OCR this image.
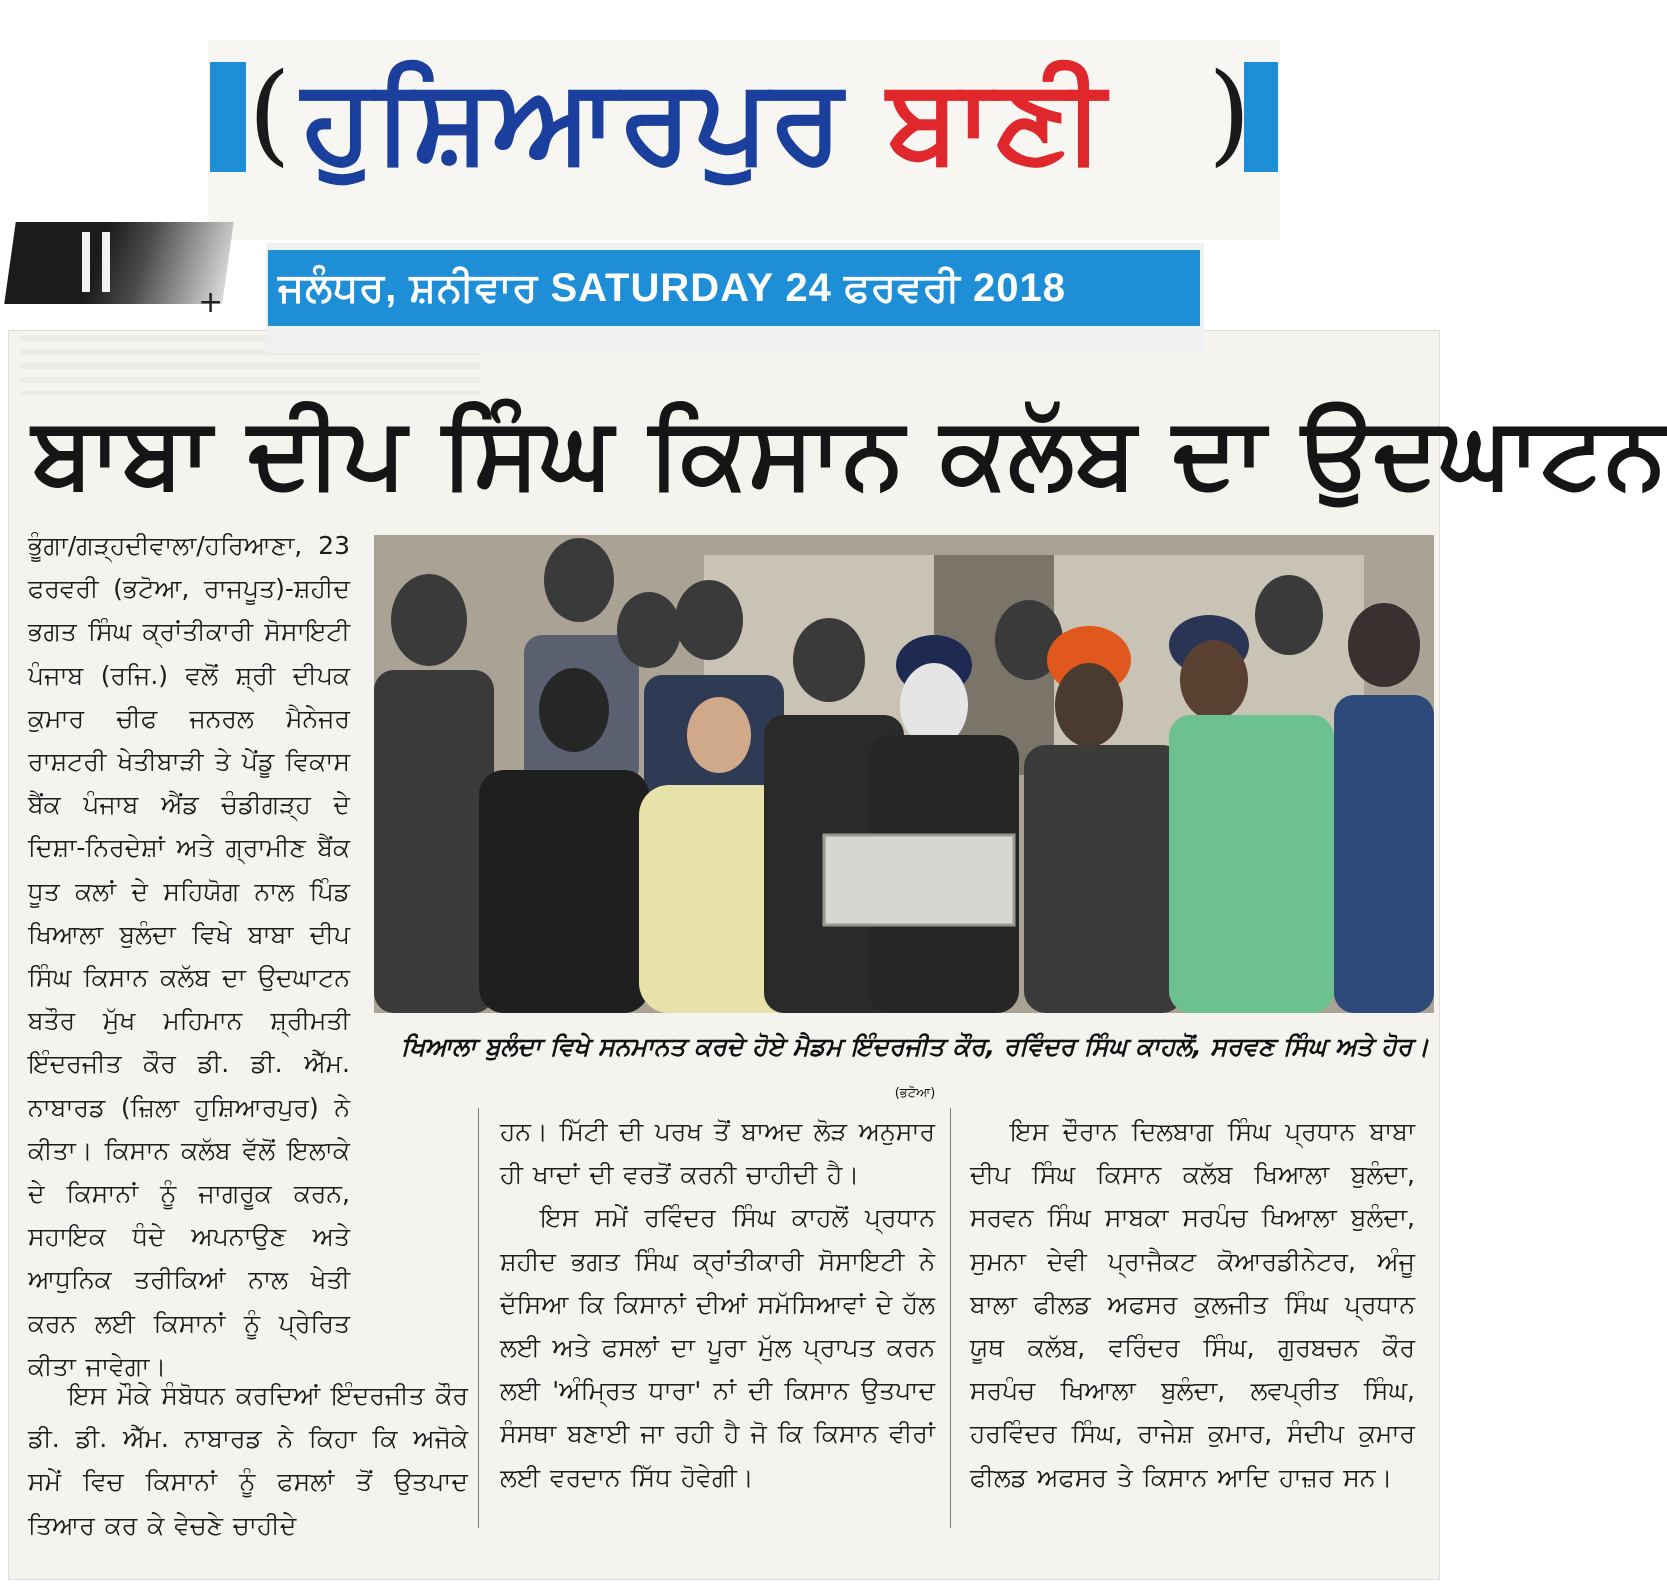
(	)
ਹੁਸ਼ਿਆਰਪੁਰ ਬਾਣੀ
+ ਜਲੰਧਰ, ਸ਼ਨੀਵਾਰ SATURDAY 24 ਫਰਵਰੀ 2018
ਬਾਬਾ ਦੀਪ ਸਿੰਘ ਕਿਸਾਨ ਕਲੱਬ ਦਾ ਉਦਘਾਟਨ
ਖਿਆਲਾ ਬੁਲੰਦਾ ਵਿਖੇ ਸਨਮਾਨਤ ਕਰਦੇ ਹੋਏ ਮੈਡਮ ਇੰਦਰਜੀਤ ਕੌਰ, ਰਵਿੰਦਰ ਸਿੰਘ ਕਾਹਲੋਂ, ਸਰਵਣ ਸਿੰਘ ਅਤੇ ਹੋਰ। (ਭਟੋਆ)
ਭੂੰਗਾ/ਗੜ੍ਹਦੀਵਾਲਾ/ਹਰਿਆਣਾ, 23 ਫਰਵਰੀ (ਭਟੋਆ, ਰਾਜਪੂਤ)-ਸ਼ਹੀਦ ਭਗਤ ਸਿੰਘ ਕ੍ਰਾਂਤੀਕਾਰੀ ਸੋਸਾਇਟੀ ਪੰਜਾਬ (ਰਜਿ.) ਵਲੋਂ ਸ਼੍ਰੀ ਦੀਪਕ ਕੁਮਾਰ ਚੀਫ ਜਨਰਲ ਮੈਨੇਜਰ ਰਾਸ਼ਟਰੀ ਖੇਤੀਬਾੜੀ ਤੇ ਪੇਂਡੂ ਵਿਕਾਸ ਬੈਂਕ ਪੰਜਾਬ ਐਂਡ ਚੰਡੀਗੜ੍ਹ ਦੇ ਦਿਸ਼ਾ-ਨਿਰਦੇਸ਼ਾਂ ਅਤੇ ਗ੍ਰਾਮੀਣ ਬੈਂਕ ਧੂਤ ਕਲਾਂ ਦੇ ਸਹਿਯੋਗ ਨਾਲ ਪਿੰਡ ਖਿਆਲਾ ਬੁਲੰਦਾ ਵਿਖੇ ਬਾਬਾ ਦੀਪ ਸਿੰਘ ਕਿਸਾਨ ਕਲੱਬ ਦਾ ਉਦਘਾਟਨ ਬਤੌਰ ਮੁੱਖ ਮਹਿਮਾਨ ਸ਼੍ਰੀਮਤੀ ਇੰਦਰਜੀਤ ਕੌਰ ਡੀ. ਡੀ. ਐੱਮ. ਨਾਬਾਰਡ (ਜ਼ਿਲਾ ਹੁਸ਼ਿਆਰਪੁਰ) ਨੇ ਕੀਤਾ। ਕਿਸਾਨ ਕਲੱਬ ਵੱਲੋਂ ਇਲਾਕੇ ਦੇ ਕਿਸਾਨਾਂ ਨੂੰ ਜਾਗਰੂਕ ਕਰਨ, ਸਹਾਇਕ ਧੰਦੇ ਅਪਨਾਉਣ ਅਤੇ ਆਧੁਨਿਕ ਤਰੀਕਿਆਂ ਨਾਲ ਖੇਤੀ ਕਰਨ ਲਈ ਕਿਸਾਨਾਂ ਨੂੰ ਪ੍ਰੇਰਿਤ ਕੀਤਾ ਜਾਵੇਗਾ।
ਇਸ ਮੌਕੇ ਸੰਬੋਧਨ ਕਰਦਿਆਂ ਇੰਦਰਜੀਤ ਕੌਰ ਡੀ. ਡੀ. ਐੱਮ. ਨਾਬਾਰਡ ਨੇ ਕਿਹਾ ਕਿ ਅਜੋਕੇ ਸਮੇਂ ਵਿਚ ਕਿਸਾਨਾਂ ਨੂੰ ਫਸਲਾਂ ਤੋਂ ਉਤਪਾਦ ਤਿਆਰ ਕਰ ਕੇ ਵੇਚਣੇ ਚਾਹੀਦੇ
ਹਨ। ਮਿੱਟੀ ਦੀ ਪਰਖ ਤੋਂ ਬਾਅਦ ਲੋੜ ਅਨੁਸਾਰ ਹੀ ਖਾਦਾਂ ਦੀ ਵਰਤੋਂ ਕਰਨੀ ਚਾਹੀਦੀ ਹੈ।
ਇਸ ਸਮੇਂ ਰਵਿੰਦਰ ਸਿੰਘ ਕਾਹਲੋਂ ਪ੍ਰਧਾਨ ਸ਼ਹੀਦ ਭਗਤ ਸਿੰਘ ਕ੍ਰਾਂਤੀਕਾਰੀ ਸੋਸਾਇਟੀ ਨੇ ਦੱਸਿਆ ਕਿ ਕਿਸਾਨਾਂ ਦੀਆਂ ਸਮੱਸਿਆਵਾਂ ਦੇ ਹੱਲ ਲਈ ਅਤੇ ਫਸਲਾਂ ਦਾ ਪੂਰਾ ਮੁੱਲ ਪ੍ਰਾਪਤ ਕਰਨ ਲਈ 'ਅੰਮ੍ਰਿਤ ਧਾਰਾ' ਨਾਂ ਦੀ ਕਿਸਾਨ ਉਤਪਾਦ ਸੰਸਥਾ ਬਣਾਈ ਜਾ ਰਹੀ ਹੈ ਜੋ ਕਿ ਕਿਸਾਨ ਵੀਰਾਂ ਲਈ ਵਰਦਾਨ ਸਿੱਧ ਹੋਵੇਗੀ।
ਇਸ ਦੌਰਾਨ ਦਿਲਬਾਗ ਸਿੰਘ ਪ੍ਰਧਾਨ ਬਾਬਾ ਦੀਪ ਸਿੰਘ ਕਿਸਾਨ ਕਲੱਬ ਖਿਆਲਾ ਬੁਲੰਦਾ, ਸਰਵਨ ਸਿੰਘ ਸਾਬਕਾ ਸਰਪੰਚ ਖਿਆਲਾ ਬੁਲੰਦਾ, ਸੁਮਨਾ ਦੇਵੀ ਪ੍ਰਾਜੈਕਟ ਕੋਆਰਡੀਨੇਟਰ, ਅੰਜੂ ਬਾਲਾ ਫੀਲਡ ਅਫਸਰ ਕੁਲਜੀਤ ਸਿੰਘ ਪ੍ਰਧਾਨ ਯੂਥ ਕਲੱਬ, ਵਰਿੰਦਰ ਸਿੰਘ, ਗੁਰਬਚਨ ਕੌਰ ਸਰਪੰਚ ਖਿਆਲਾ ਬੁਲੰਦਾ, ਲਵਪ੍ਰੀਤ ਸਿੰਘ, ਹਰਵਿੰਦਰ ਸਿੰਘ, ਰਾਜੇਸ਼ ਕੁਮਾਰ, ਸੰਦੀਪ ਕੁਮਾਰ ਫੀਲਡ ਅਫਸਰ ਤੇ ਕਿਸਾਨ ਆਦਿ ਹਾਜ਼ਰ ਸਨ।
